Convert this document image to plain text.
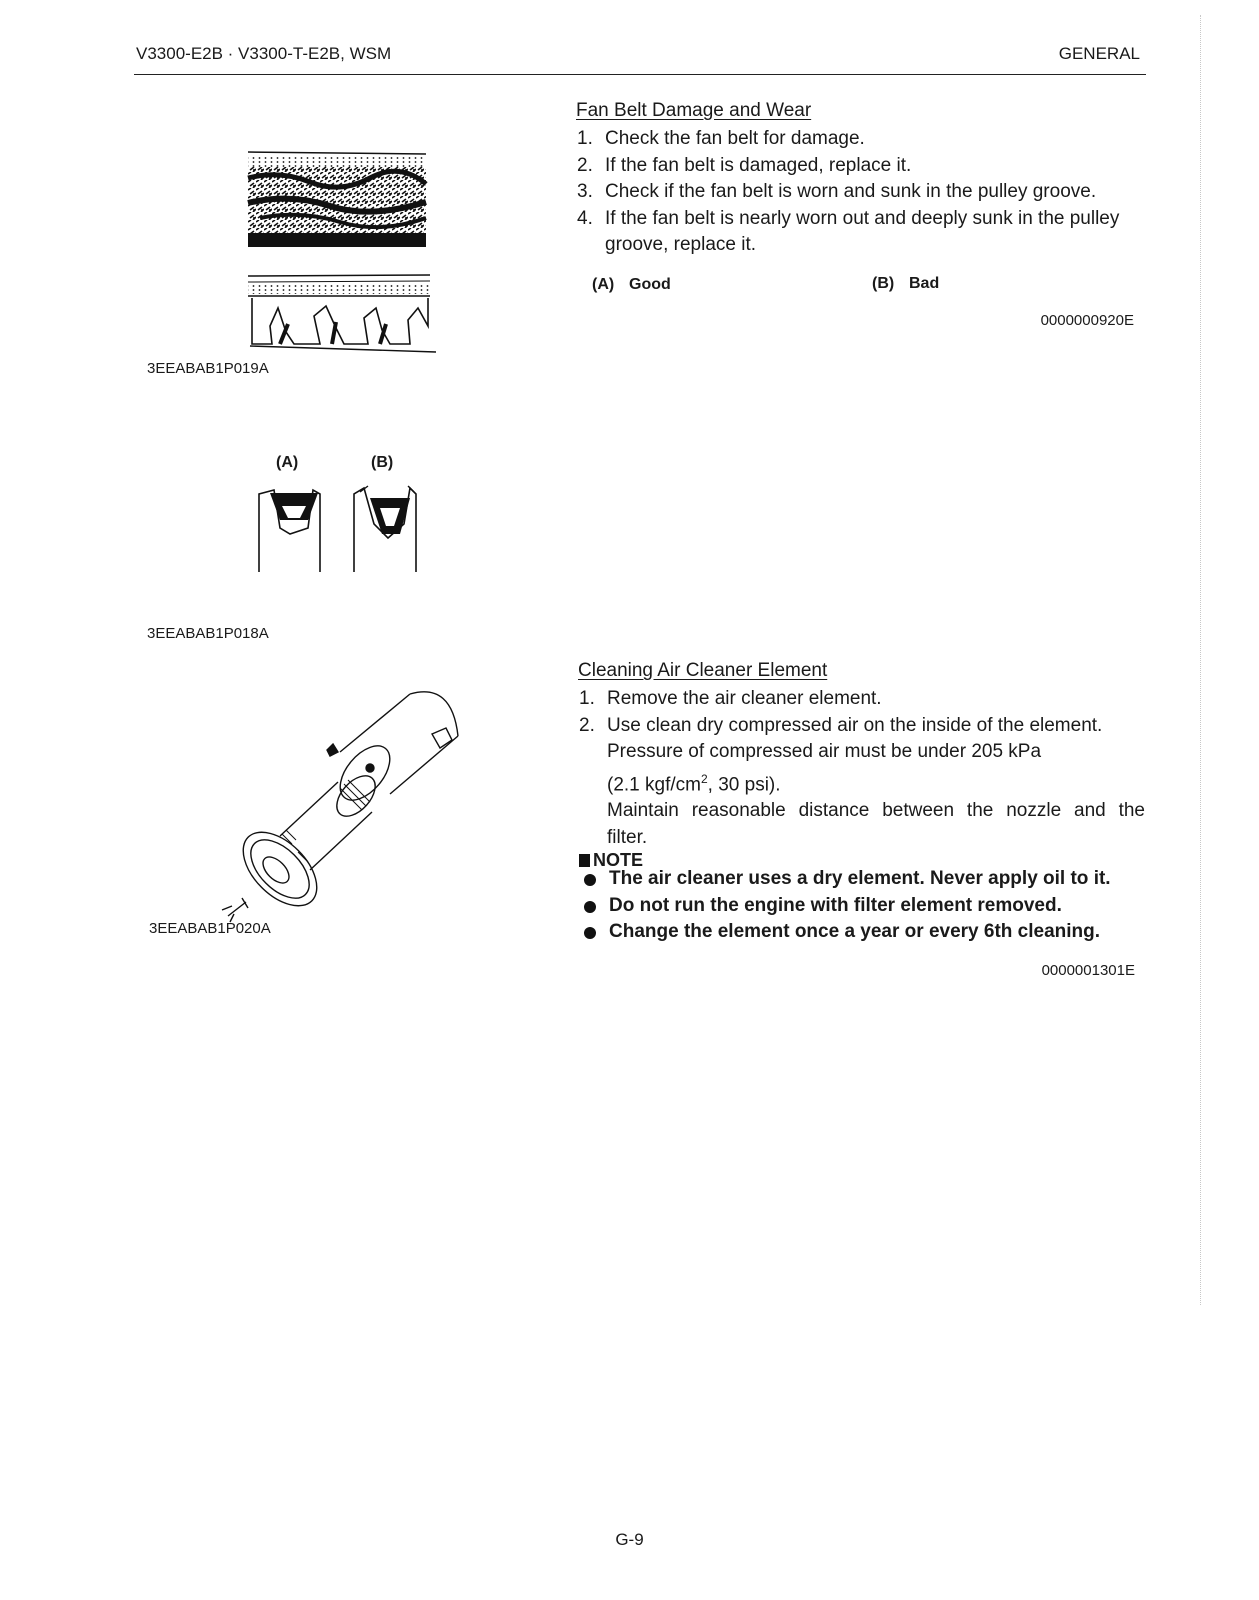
V3300-E2B · V3300-T-E2B, WSM	GENERAL
3EEABAB1P019A
(A)	(B)
3EEABAB1P018A
3EEABAB1P020A
Fan Belt Damage and Wear
1. Check the fan belt for damage.
2. If the fan belt is damaged, replace it.
3. Check if the fan belt is worn and sunk in the pulley groove.
4. If the fan belt is nearly worn out and deeply sunk in the pulley groove, replace it.
(A) Good	(B) Bad
0000000920E
Cleaning Air Cleaner Element
1. Remove the air cleaner element.
2. Use clean dry compressed air on the inside of the element.
Pressure of compressed air must be under 205 kPa
(2.1 kgf/$cm^2$, 30 psi).
Maintain reasonable distance between the nozzle and the
filter.
NOTE
The air cleaner uses a dry element. Never apply oil to it.
Do not run the engine with filter element removed.
Change the element once a year or every 6th cleaning.
0000001301E
G-9
